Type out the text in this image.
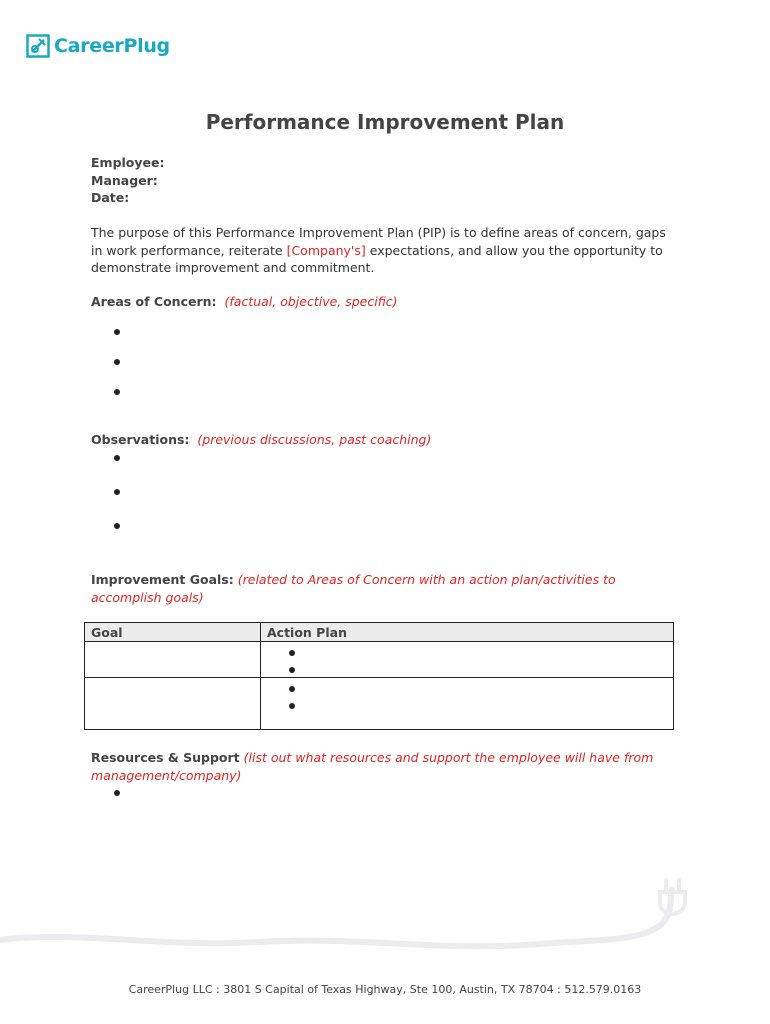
CareerPlug
Performance Improvement Plan
Employee:
Manager:
Date:
The purpose of this Performance Improvement Plan (PIP) is to define areas of concern, gaps in work performance, reiterate [Company's] expectations, and allow you the opportunity to demonstrate improvement and commitment.
Areas of Concern: (factual, objective, specific)
Observations: (previous discussions, past coaching)
Improvement Goals: (related to Areas of Concern with an action plan/activities to accomplish goals)
Goal	Action Plan

Resources & Support (list out what resources and support the employee will have from management/company)
CareerPlug LLC : 3801 S Capital of Texas Highway, Ste 100, Austin, TX 78704 : 512.579.0163
